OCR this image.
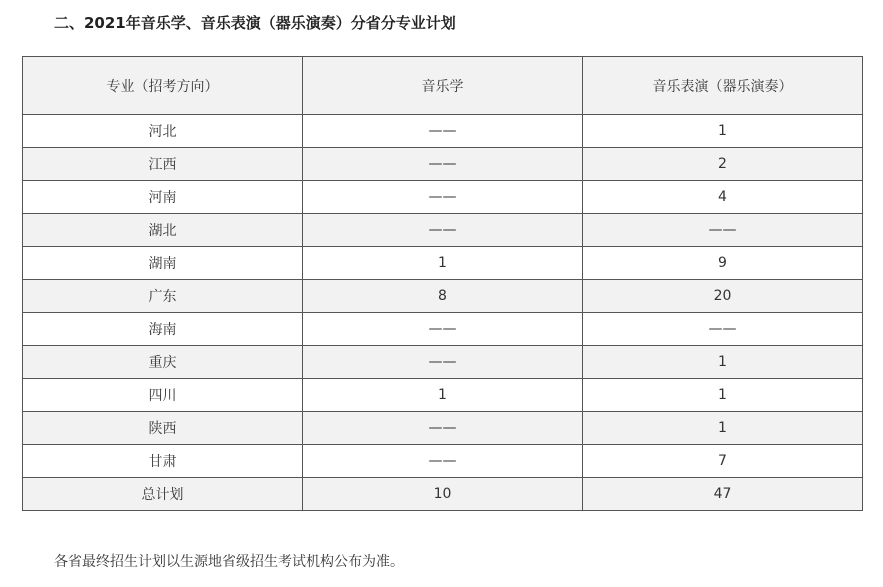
二、2021年音乐学、音乐表演（器乐演奏）分省分专业计划
专业（招考方向）	音乐学	音乐表演（器乐演奏）
河北	——	1
江西	——	2
河南	——	4
湖北	——	——
湖南	1	9
广东	8	20
海南	——	——
重庆	——	1
四川	1	1
陕西	——	1
甘肃	——	7
总计划	10	47
各省最终招生计划以生源地省级招生考试机构公布为准。
